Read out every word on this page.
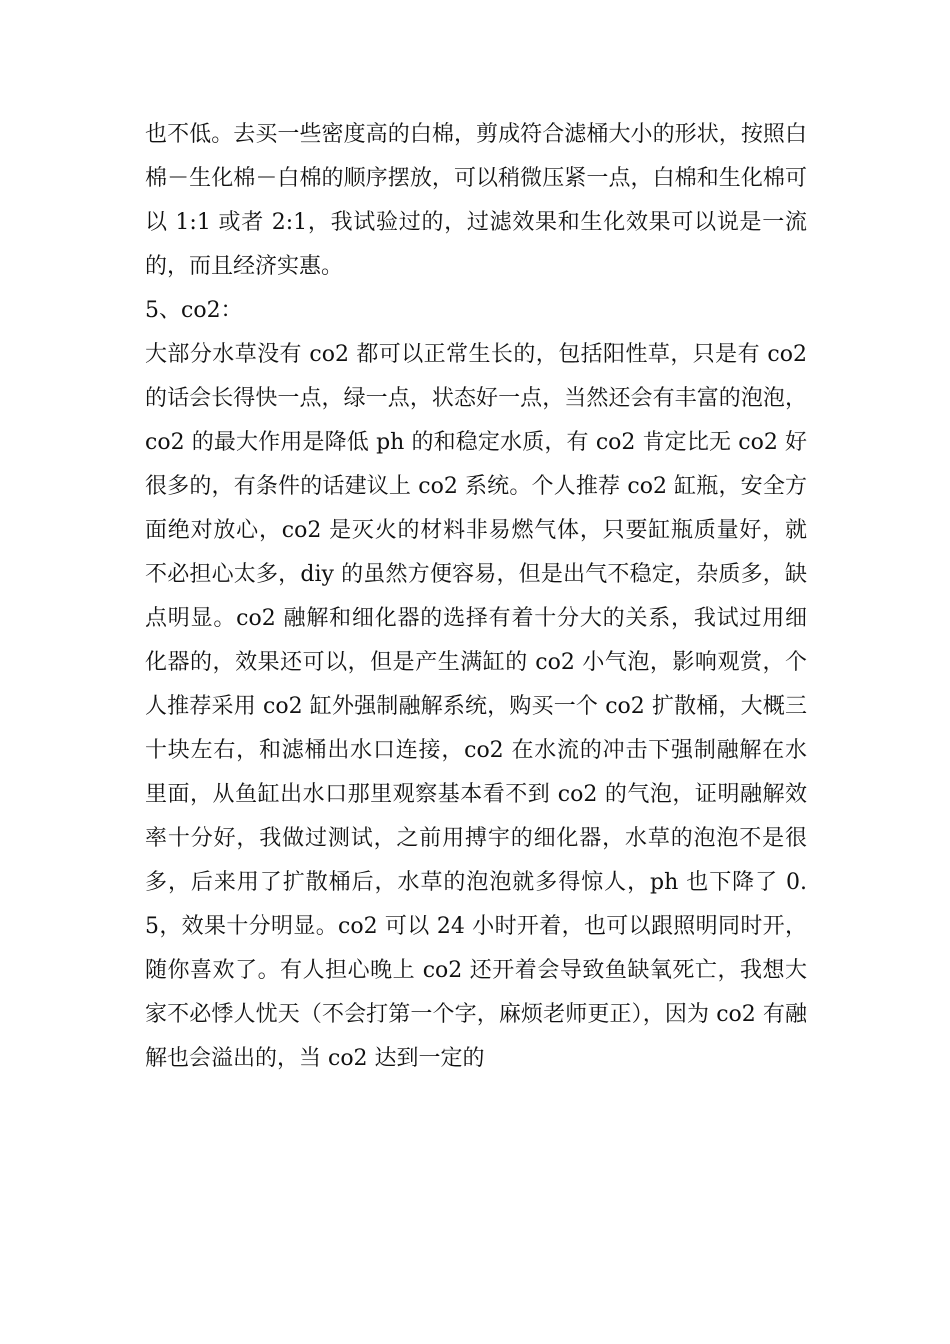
也不低。去买一些密度高的白棉，剪成符合滤桶大小的形状，按照白棉－生化棉－白棉的顺序摆放，可以稍微压紧一点，白棉和生化棉可以 1:1 或者 2:1，我试验过的，过滤效果和生化效果可以说是一流的，而且经济实惠。

5、co2：

大部分水草没有 co2 都可以正常生长的，包括阳性草，只是有 co2 的话会长得快一点，绿一点，状态好一点，当然还会有丰富的泡泡，co2 的最大作用是降低 ph 的和稳定水质，有 co2 肯定比无 co2 好很多的，有条件的话建议上 co2 系统。个人推荐 co2 缸瓶，安全方面绝对放心，co2 是灭火的材料非易燃气体，只要缸瓶质量好，就不必担心太多，diy 的虽然方便容易，但是出气不稳定，杂质多，缺点明显。co2 融解和细化器的选择有着十分大的关系，我试过用细化器的，效果还可以，但是产生满缸的 co2 小气泡，影响观赏，个人推荐采用 co2 缸外强制融解系统，购买一个 co2 扩散桶，大概三十块左右，和滤桶出水口连接，co2 在水流的冲击下强制融解在水里面，从鱼缸出水口那里观察基本看不到 co2 的气泡，证明融解效率十分好，我做过测试，之前用搏宇的细化器，水草的泡泡不是很多，后来用了扩散桶后，水草的泡泡就多得惊人，ph 也下降了 0.5，效果十分明显。co2 可以 24 小时开着，也可以跟照明同时开，随你喜欢了。有人担心晚上 co2 还开着会导致鱼缺氧死亡，我想大家不必悸人忧天（不会打第一个字，麻烦老师更正），因为 co2 有融解也会溢出的，当 co2 达到一定的
